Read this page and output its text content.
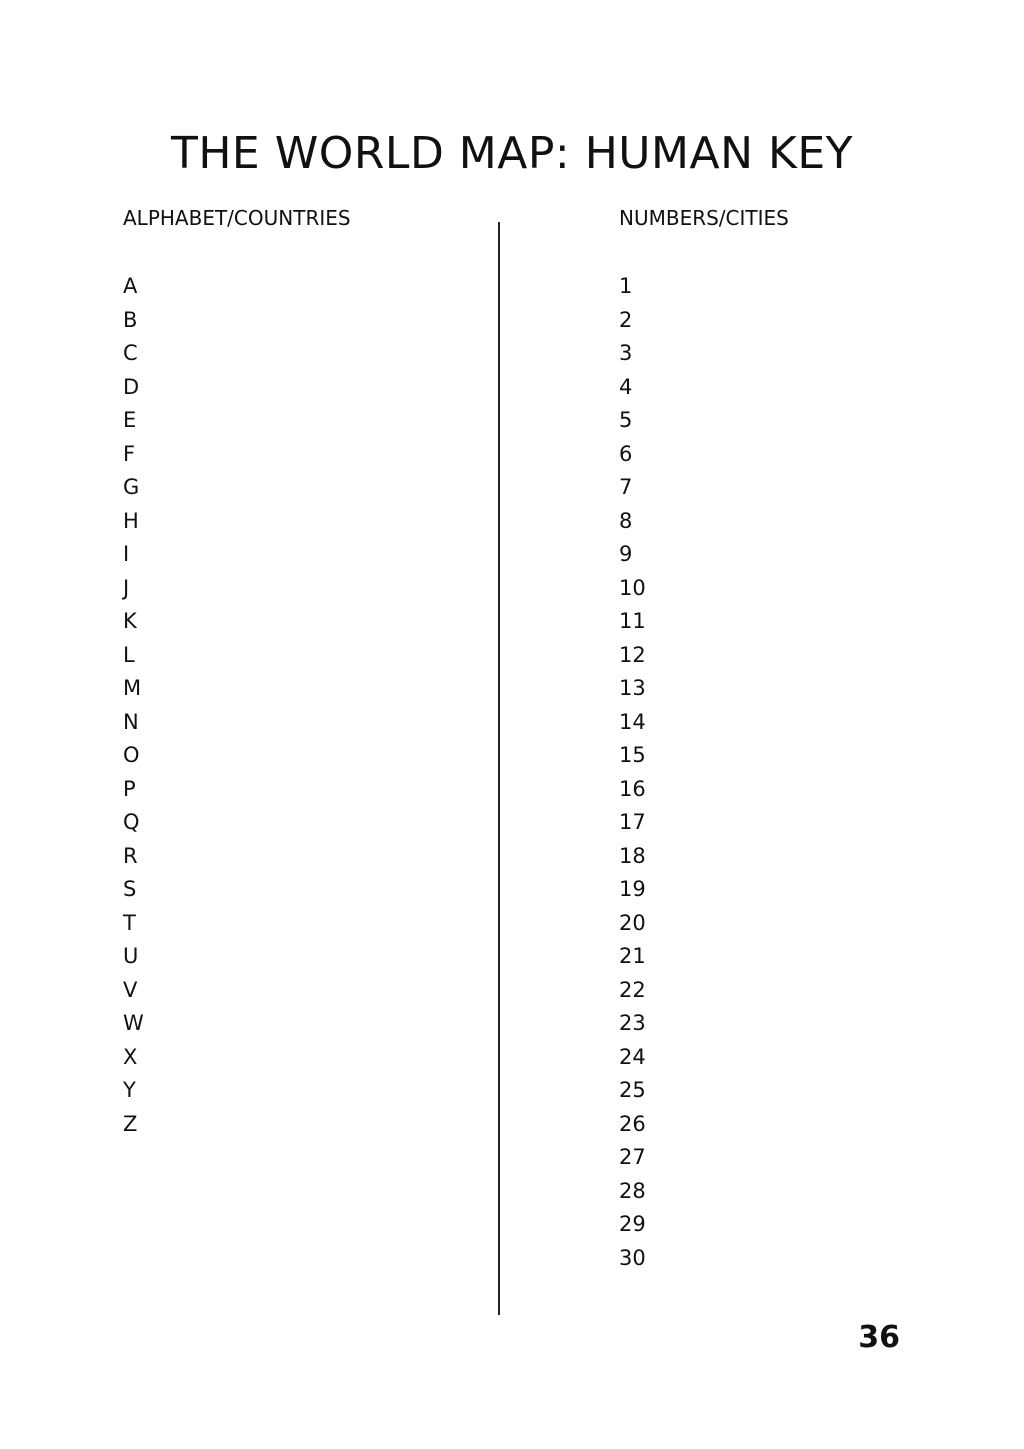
THE WORLD MAP: HUMAN KEY
ALPHABET/COUNTRIES	NUMBERS/CITIES
A
B
C
D
E
F
G
H
I
J
K
L
M
N
O
P
Q
R
S
T
U
V
W
X
Y
Z
1
2
3
4
5
6
7
8
9
10
11
12
13
14
15
16
17
18
19
20
21
22
23
24
25
26
27
28
29
30
36
